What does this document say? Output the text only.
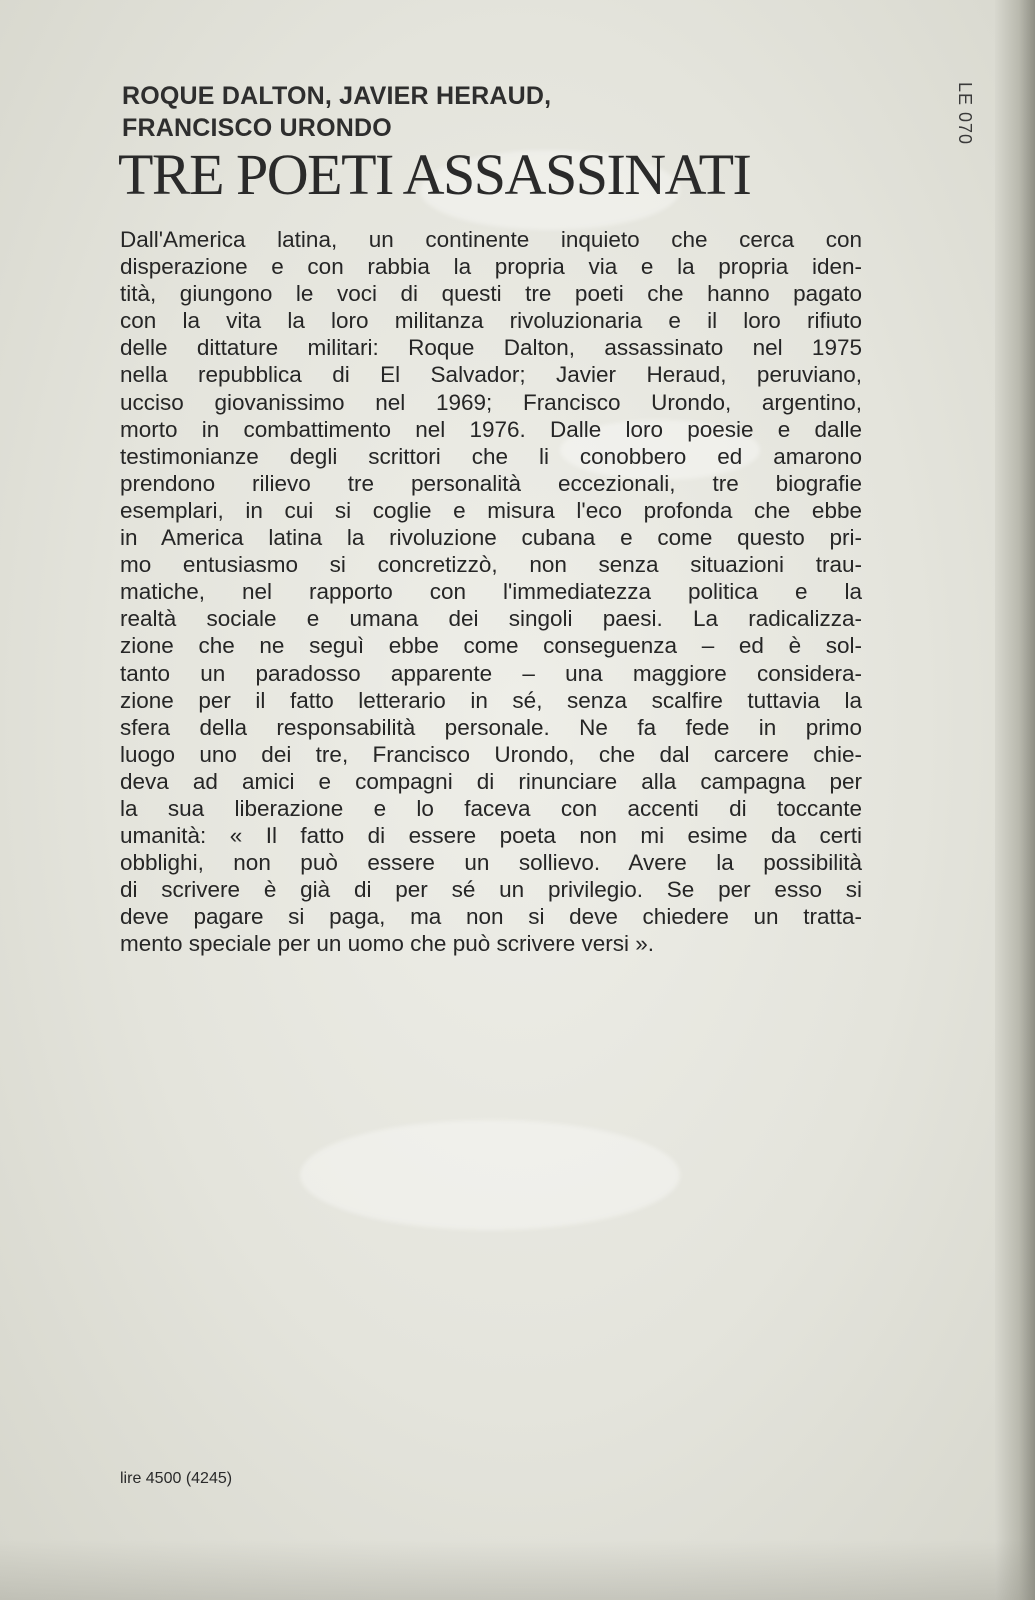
ROQUE DALTON, JAVIER HERAUD,
FRANCISCO URONDO
TRE POETI ASSASSINATI
LE 070
Dall'America latina, un continente inquieto che cerca con
disperazione e con rabbia la propria via e la propria iden-
tità, giungono le voci di questi tre poeti che hanno pagato
con la vita la loro militanza rivoluzionaria e il loro rifiuto
delle dittature militari: Roque Dalton, assassinato nel 1975
nella repubblica di El Salvador; Javier Heraud, peruviano,
ucciso giovanissimo nel 1969; Francisco Urondo, argentino,
morto in combattimento nel 1976. Dalle loro poesie e dalle
testimonianze degli scrittori che li conobbero ed amarono
prendono rilievo tre personalità eccezionali, tre biografie
esemplari, in cui si coglie e misura l'eco profonda che ebbe
in America latina la rivoluzione cubana e come questo pri-
mo entusiasmo si concretizzò, non senza situazioni trau-
matiche, nel rapporto con l'immediatezza politica e la
realtà sociale e umana dei singoli paesi. La radicalizza-
zione che ne seguì ebbe come conseguenza – ed è sol-
tanto un paradosso apparente – una maggiore considera-
zione per il fatto letterario in sé, senza scalfire tuttavia la
sfera della responsabilità personale. Ne fa fede in primo
luogo uno dei tre, Francisco Urondo, che dal carcere chie-
deva ad amici e compagni di rinunciare alla campagna per
la sua liberazione e lo faceva con accenti di toccante
umanità: « Il fatto di essere poeta non mi esime da certi
obblighi, non può essere un sollievo. Avere la possibilità
di scrivere è già di per sé un privilegio. Se per esso si
deve pagare si paga, ma non si deve chiedere un tratta-
mento speciale per un uomo che può scrivere versi ».
lire 4500 (4245)
